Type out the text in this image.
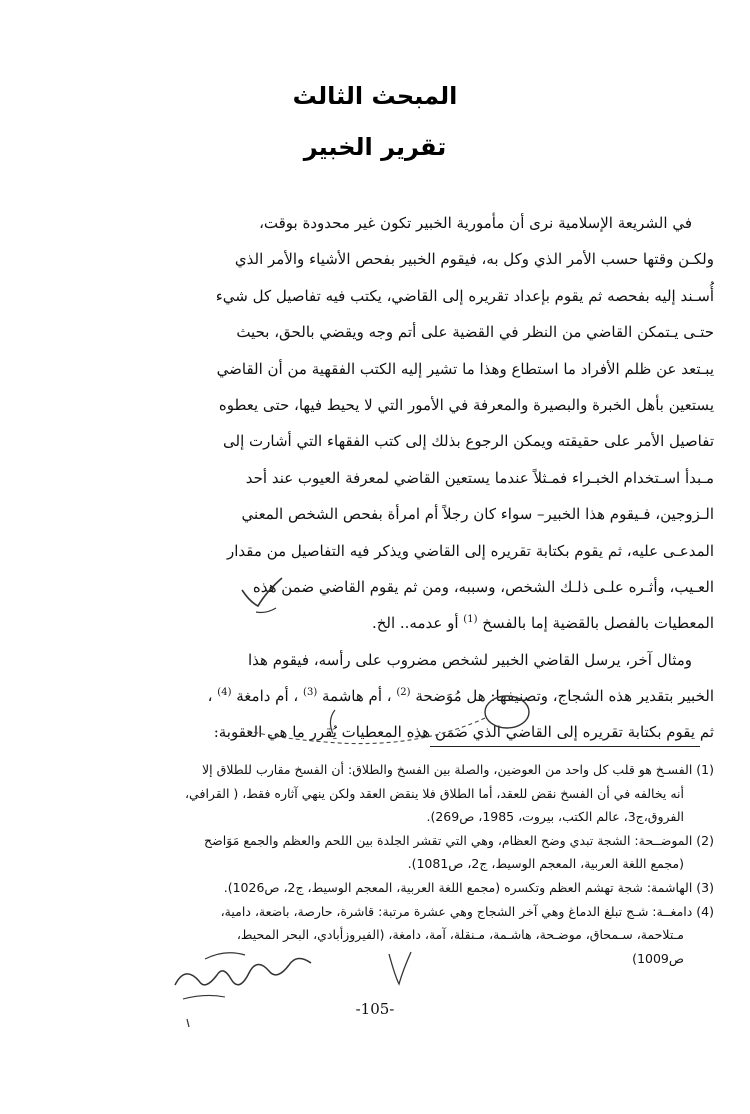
المبحث الثالث
تقرير الخبير
في الشريعة الإسلامية نرى أن مأمورية الخبير تكون غير محدودة بوقت،
ولكـن وقتها حسب الأمر الذي وكل به، فيقوم الخبير بفحص الأشياء والأمر الذي
أُسـند إليه بفحصه ثم يقوم بإعداد تقريره إلى القاضي، يكتب فيه تفاصيل كل شيء
حتـى يـتمكن القاضي من النظر في القضية على أتم وجه ويقضي بالحق، بحيث
يبـتعد عن ظلم الأفراد ما استطاع وهذا ما تشير إليه الكتب الفقهية من أن القاضي
يستعين بأهل الخبرة والبصيرة والمعرفة في الأمور التي لا يحيط فيها، حتى يعطوه
تفاصيل الأمر على حقيقته ويمكن الرجوع بذلك إلى كتب الفقهاء التي أشارت إلى
مـبدأ اسـتخدام الخبـراء فمـثلاً عندما يستعين القاضي لمعرفة العيوب عند أحد
الـزوجين، فـيقوم هذا الخبير– سواء كان رجلاً أم امرأة بفحص الشخص المعني
المدعـى عليه، ثم يقوم بكتابة تقريره إلى القاضي ويذكر فيه التفاصيل من مقدار
العـيب، وأثـره علـى ذلـك الشخص، وسببه، ومن ثم يقوم القاضي ضمن هذه
المعطيات بالفصل بالقضية إما بالفسخ $^{(1)}$ أو عدمه.. الخ.
ومثال آخر، يرسل القاضي الخبير لشخص مضروب على رأسه، فيقوم هذا
الخبير بتقدير هذه الشجاج، وتصنيفها: هل مُوَضحة $^{(2)}$ ، أم هاشمة $^{(3)}$ ، أم دامغة $^{(4)}$ ،
ثم يقوم بكتابة تقريره إلى القاضي الذي ضمن هذه المعطيات يُقرر ما هي العقوبة:
(1) الفسـخ هو قلب كل واحد من العوضين، والصلة بين الفسخ والطلاق: أن الفسخ مقارب للطلاق إلا
أنه يخالفه في أن الفسخ نقض للعقد، أما الطلاق فلا ينقض العقد ولكن ينهي آثاره فقط، ( القرافي،
الفروق،ج3، عالم الكتب، بيروت، 1985، ص269).
(2) الموضــحة: الشجة تبدي وضح العظام، وهي التي تقشر الجلدة بين اللحم والعظم والجمع مَوَاضح
(مجمع اللغة العربية، المعجم الوسيط، ج2، ص1081).
(3) الهاشمة: شجة تهشم العظم وتكسره (مجمع اللغة العربية، المعجم الوسيط، ج2، ص1026).
(4) دامغــة: شـج تبلغ الدماغ وهي آخر الشجاج وهي عشرة مرتبة: قاشرة، حارصة، باضعة، دامية،
مـتلاحمة، سـمحاق، موضـحة، هاشـمة، مـنقلة، آمة، دامغة، (الفيروزأبادي، البحر المحيط،
ص1009)
-105-
